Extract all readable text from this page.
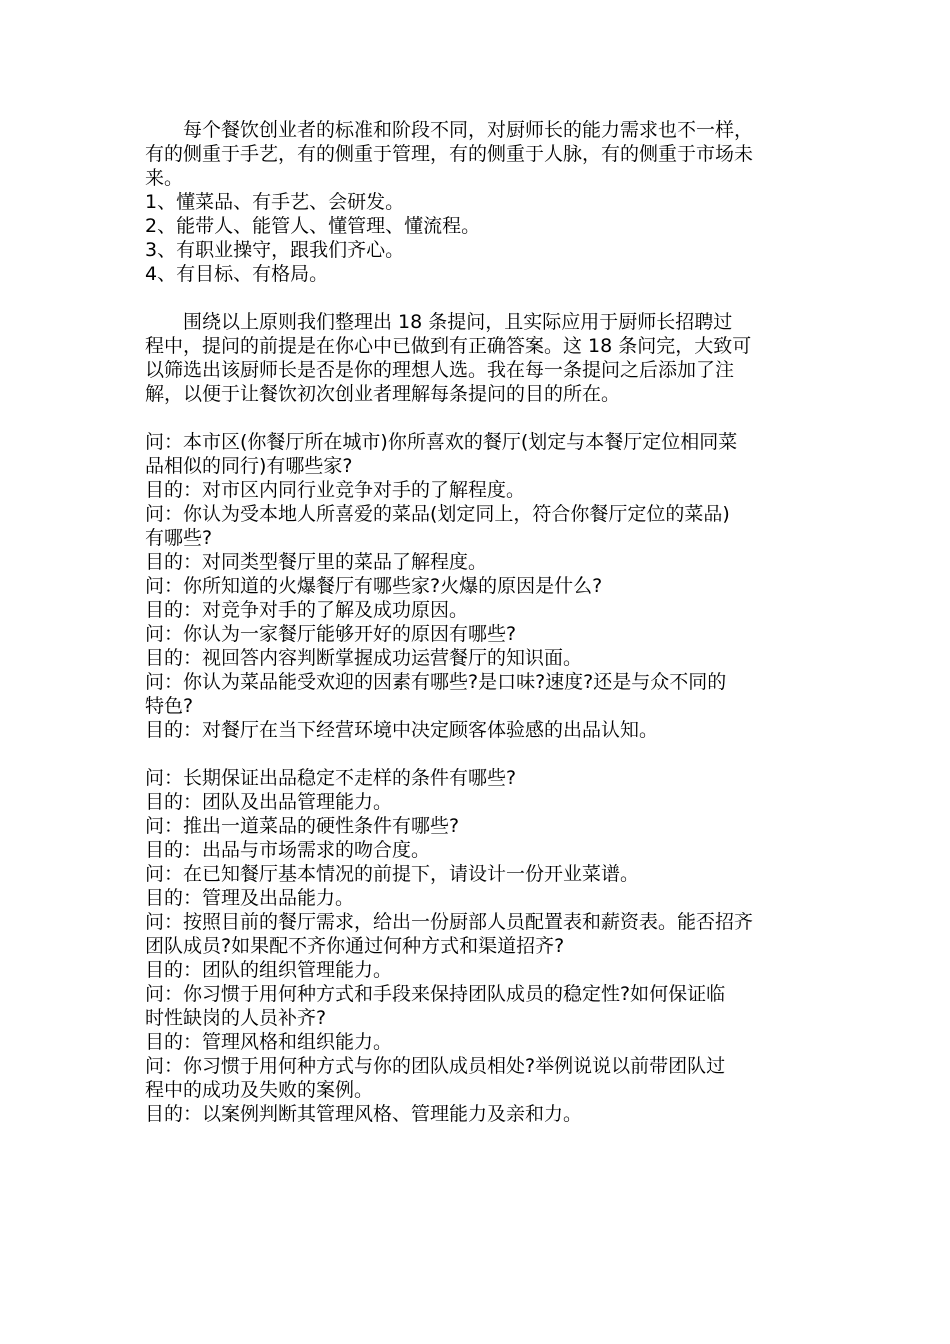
　　每个餐饮创业者的标准和阶段不同，对厨师长的能力需求也不一样，
有的侧重于手艺，有的侧重于管理，有的侧重于人脉，有的侧重于市场未
来。
1、懂菜品、有手艺、会研发。
2、能带人、能管人、懂管理、懂流程。
3、有职业操守，跟我们齐心。
4、有目标、有格局。
　　围绕以上原则我们整理出 18 条提问，且实际应用于厨师长招聘过
程中，提问的前提是在你心中已做到有正确答案。这 18 条问完，大致可
以筛选出该厨师长是否是你的理想人选。我在每一条提问之后添加了注
解，以便于让餐饮初次创业者理解每条提问的目的所在。
问：本市区(你餐厅所在城市)你所喜欢的餐厅(划定与本餐厅定位相同菜
品相似的同行)有哪些家?
目的：对市区内同行业竞争对手的了解程度。
问：你认为受本地人所喜爱的菜品(划定同上，符合你餐厅定位的菜品)
有哪些?
目的：对同类型餐厅里的菜品了解程度。
问：你所知道的火爆餐厅有哪些家?火爆的原因是什么?
目的：对竞争对手的了解及成功原因。
问：你认为一家餐厅能够开好的原因有哪些?
目的：视回答内容判断掌握成功运营餐厅的知识面。
问：你认为菜品能受欢迎的因素有哪些?是口味?速度?还是与众不同的
特色?
目的：对餐厅在当下经营环境中决定顾客体验感的出品认知。
问：长期保证出品稳定不走样的条件有哪些?
目的：团队及出品管理能力。
问：推出一道菜品的硬性条件有哪些?
目的：出品与市场需求的吻合度。
问：在已知餐厅基本情况的前提下，请设计一份开业菜谱。
目的：管理及出品能力。
问：按照目前的餐厅需求，给出一份厨部人员配置表和薪资表。能否招齐
团队成员?如果配不齐你通过何种方式和渠道招齐?
目的：团队的组织管理能力。
问：你习惯于用何种方式和手段来保持团队成员的稳定性?如何保证临
时性缺岗的人员补齐?
目的：管理风格和组织能力。
问：你习惯于用何种方式与你的团队成员相处?举例说说以前带团队过
程中的成功及失败的案例。
目的：以案例判断其管理风格、管理能力及亲和力。
